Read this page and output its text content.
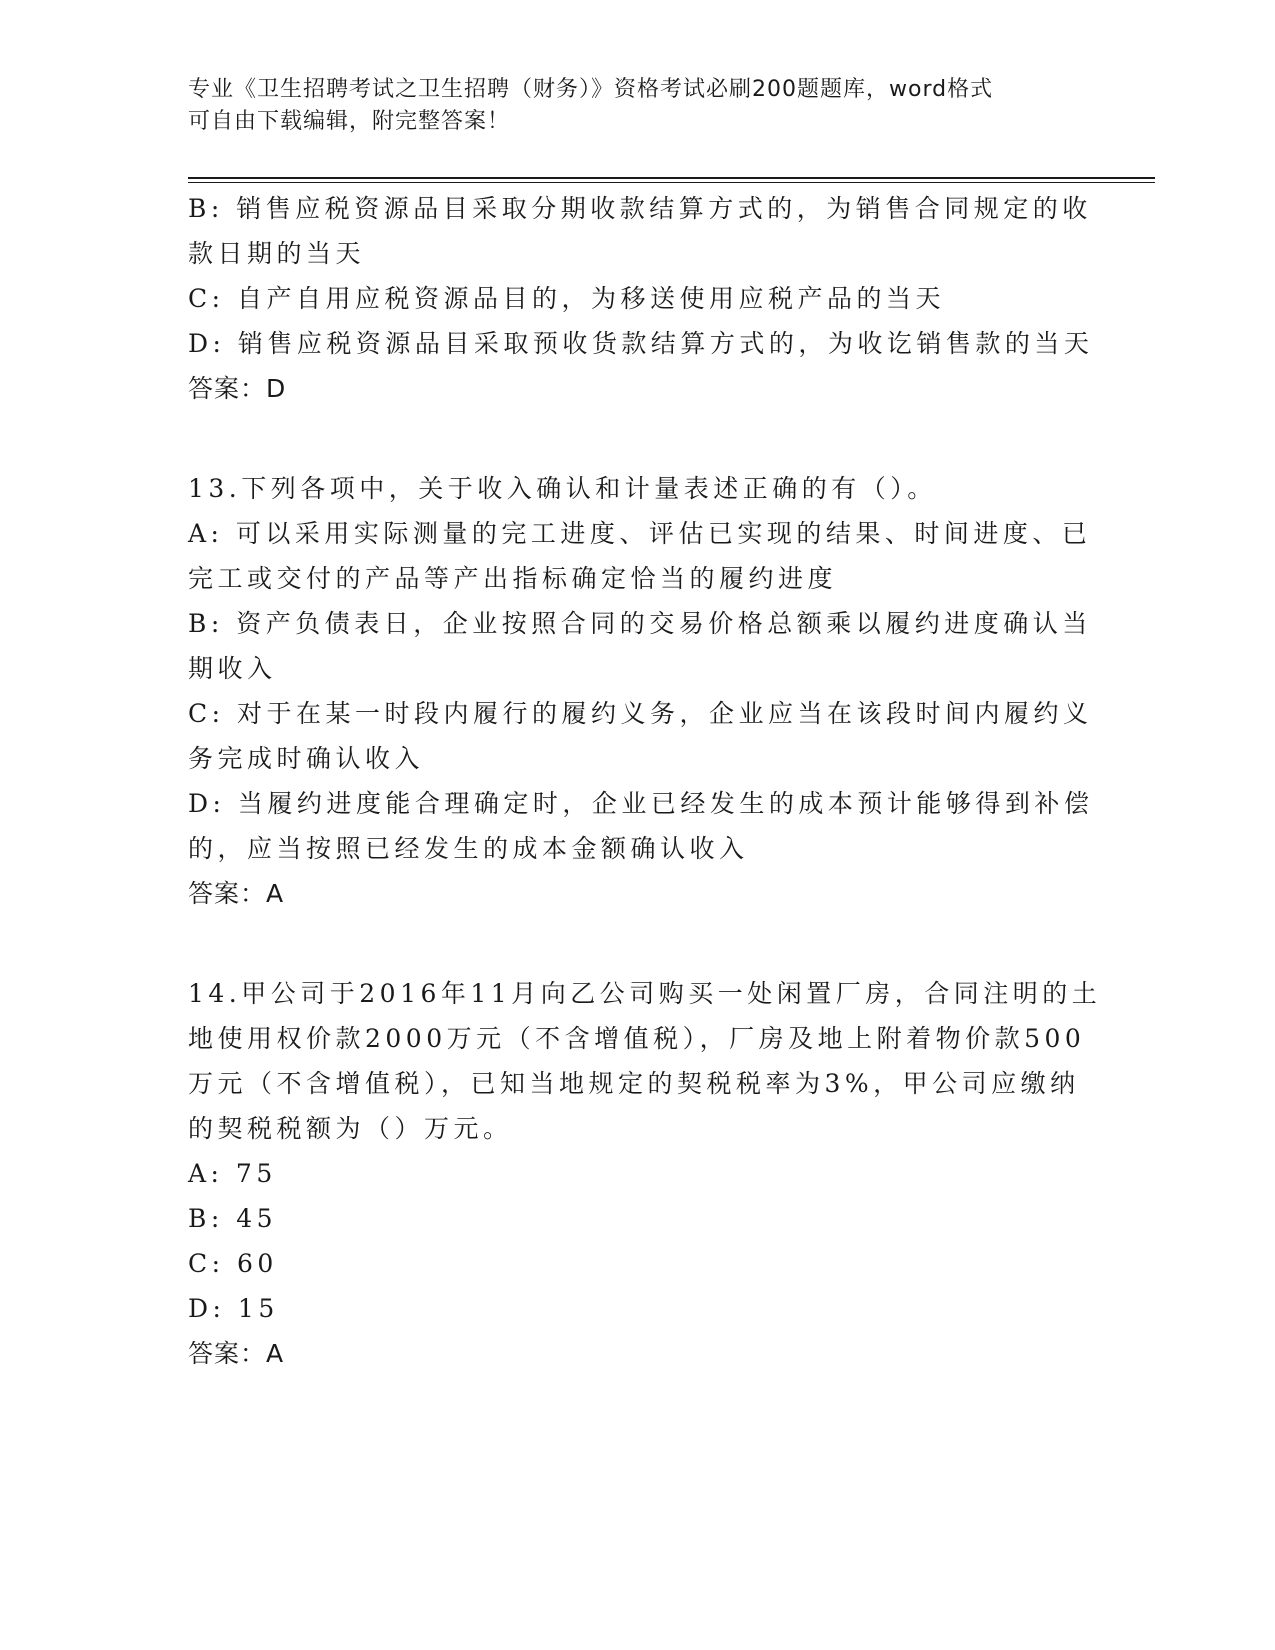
专业《卫生招聘考试之卫生招聘（财务）》资格考试必刷200题题库，word格式
可自由下载编辑，附完整答案！
B: 销售应税资源品目采取分期收款结算方式的，为销售合同规定的收
款日期的当天
C: 自产自用应税资源品目的，为移送使用应税产品的当天
D: 销售应税资源品目采取预收货款结算方式的，为收讫销售款的当天
答案：D
13.下列各项中，关于收入确认和计量表述正确的有（）。
A: 可以采用实际测量的完工进度、评估已实现的结果、时间进度、已
完工或交付的产品等产出指标确定恰当的履约进度
B: 资产负债表日，企业按照合同的交易价格总额乘以履约进度确认当
期收入
C: 对于在某一时段内履行的履约义务，企业应当在该段时间内履约义
务完成时确认收入
D: 当履约进度能合理确定时，企业已经发生的成本预计能够得到补偿
的，应当按照已经发生的成本金额确认收入
答案：A
14.甲公司于2016年11月向乙公司购买一处闲置厂房，合同注明的土
地使用权价款2000万元（不含增值税），厂房及地上附着物价款500
万元（不含增值税），已知当地规定的契税税率为3%，甲公司应缴纳
的契税税额为（）万元。
A: 75
B: 45
C: 60
D: 15
答案：A
